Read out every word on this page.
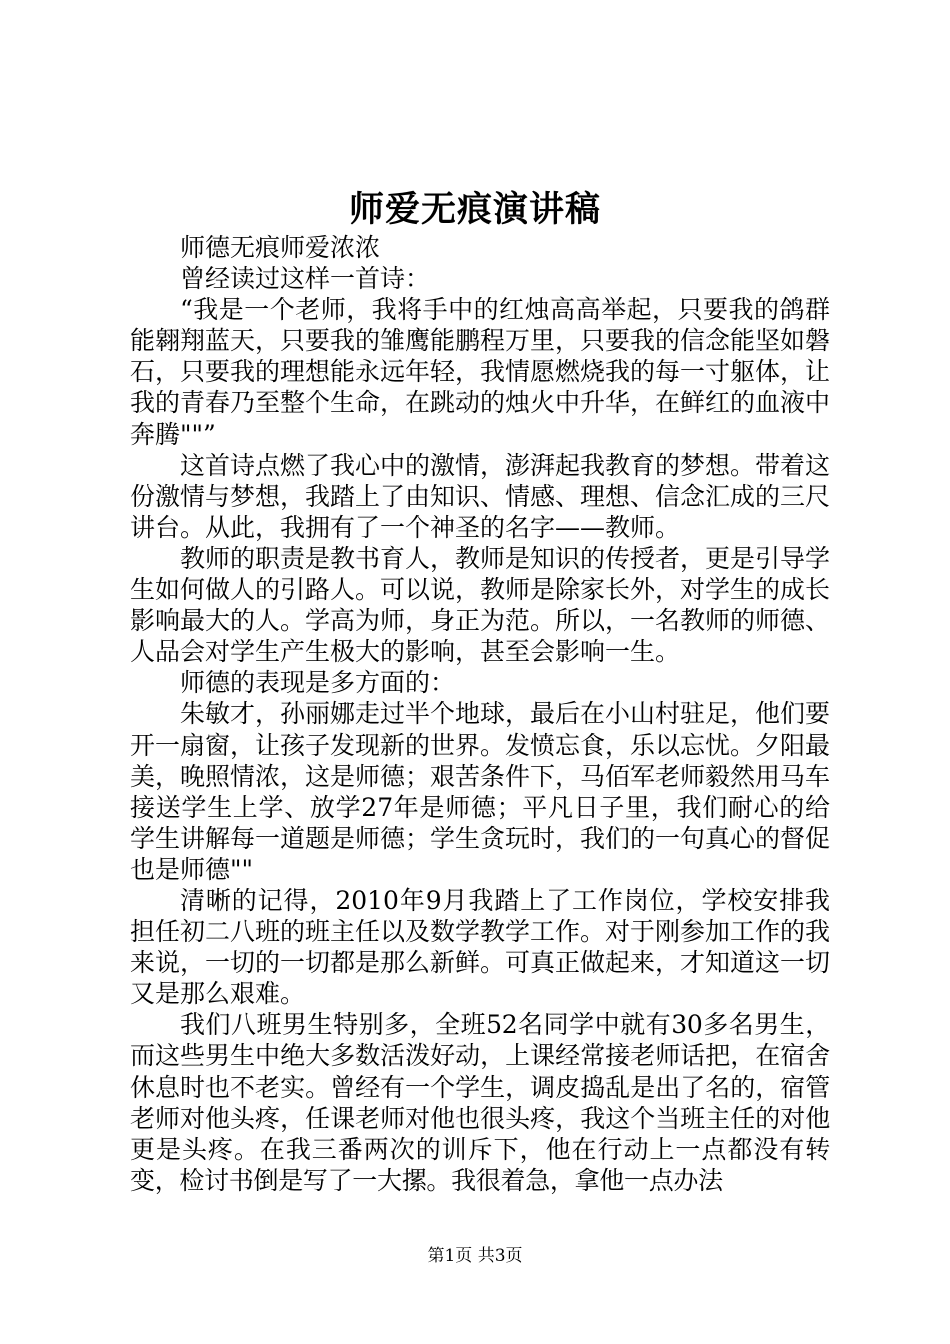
师爱无痕演讲稿

师德无痕师爱浓浓

曾经读过这样一首诗：

“我是一个老师，我将手中的红烛高高举起，只要我的鸽群能翱翔蓝天，只要我的雏鹰能鹏程万里，只要我的信念能坚如磐石，只要我的理想能永远年轻，我情愿燃烧我的每一寸躯体，让我的青春乃至整个生命，在跳动的烛火中升华，在鲜红的血液中奔腾""”

这首诗点燃了我心中的激情，澎湃起我教育的梦想。带着这份激情与梦想，我踏上了由知识、情感、理想、信念汇成的三尺讲台。从此，我拥有了一个神圣的名字——教师。

教师的职责是教书育人，教师是知识的传授者，更是引导学生如何做人的引路人。可以说，教师是除家长外，对学生的成长影响最大的人。学高为师，身正为范。所以，一名教师的师德、人品会对学生产生极大的影响，甚至会影响一生。

师德的表现是多方面的：

朱敏才，孙丽娜走过半个地球，最后在小山村驻足，他们要开一扇窗，让孩子发现新的世界。发愤忘食，乐以忘忧。夕阳最美，晚照情浓，这是师德；艰苦条件下，马佰军老师毅然用马车接送学生上学、放学27年是师德；平凡日子里，我们耐心的给学生讲解每一道题是师德；学生贪玩时，我们的一句真心的督促也是师德""

清晰的记得，2010年9月我踏上了工作岗位，学校安排我担任初二八班的班主任以及数学教学工作。对于刚参加工作的我来说，一切的一切都是那么新鲜。可真正做起来，才知道这一切又是那么艰难。

我们八班男生特别多，全班52名同学中就有30多名男生，而这些男生中绝大多数活泼好动，上课经常接老师话把，在宿舍休息时也不老实。曾经有一个学生，调皮捣乱是出了名的，宿管老师对他头疼，任课老师对他也很头疼，我这个当班主任的对他更是头疼。在我三番两次的训斥下，他在行动上一点都没有转变，检讨书倒是写了一大摞。我很着急，拿他一点办法

第1页 共3页
